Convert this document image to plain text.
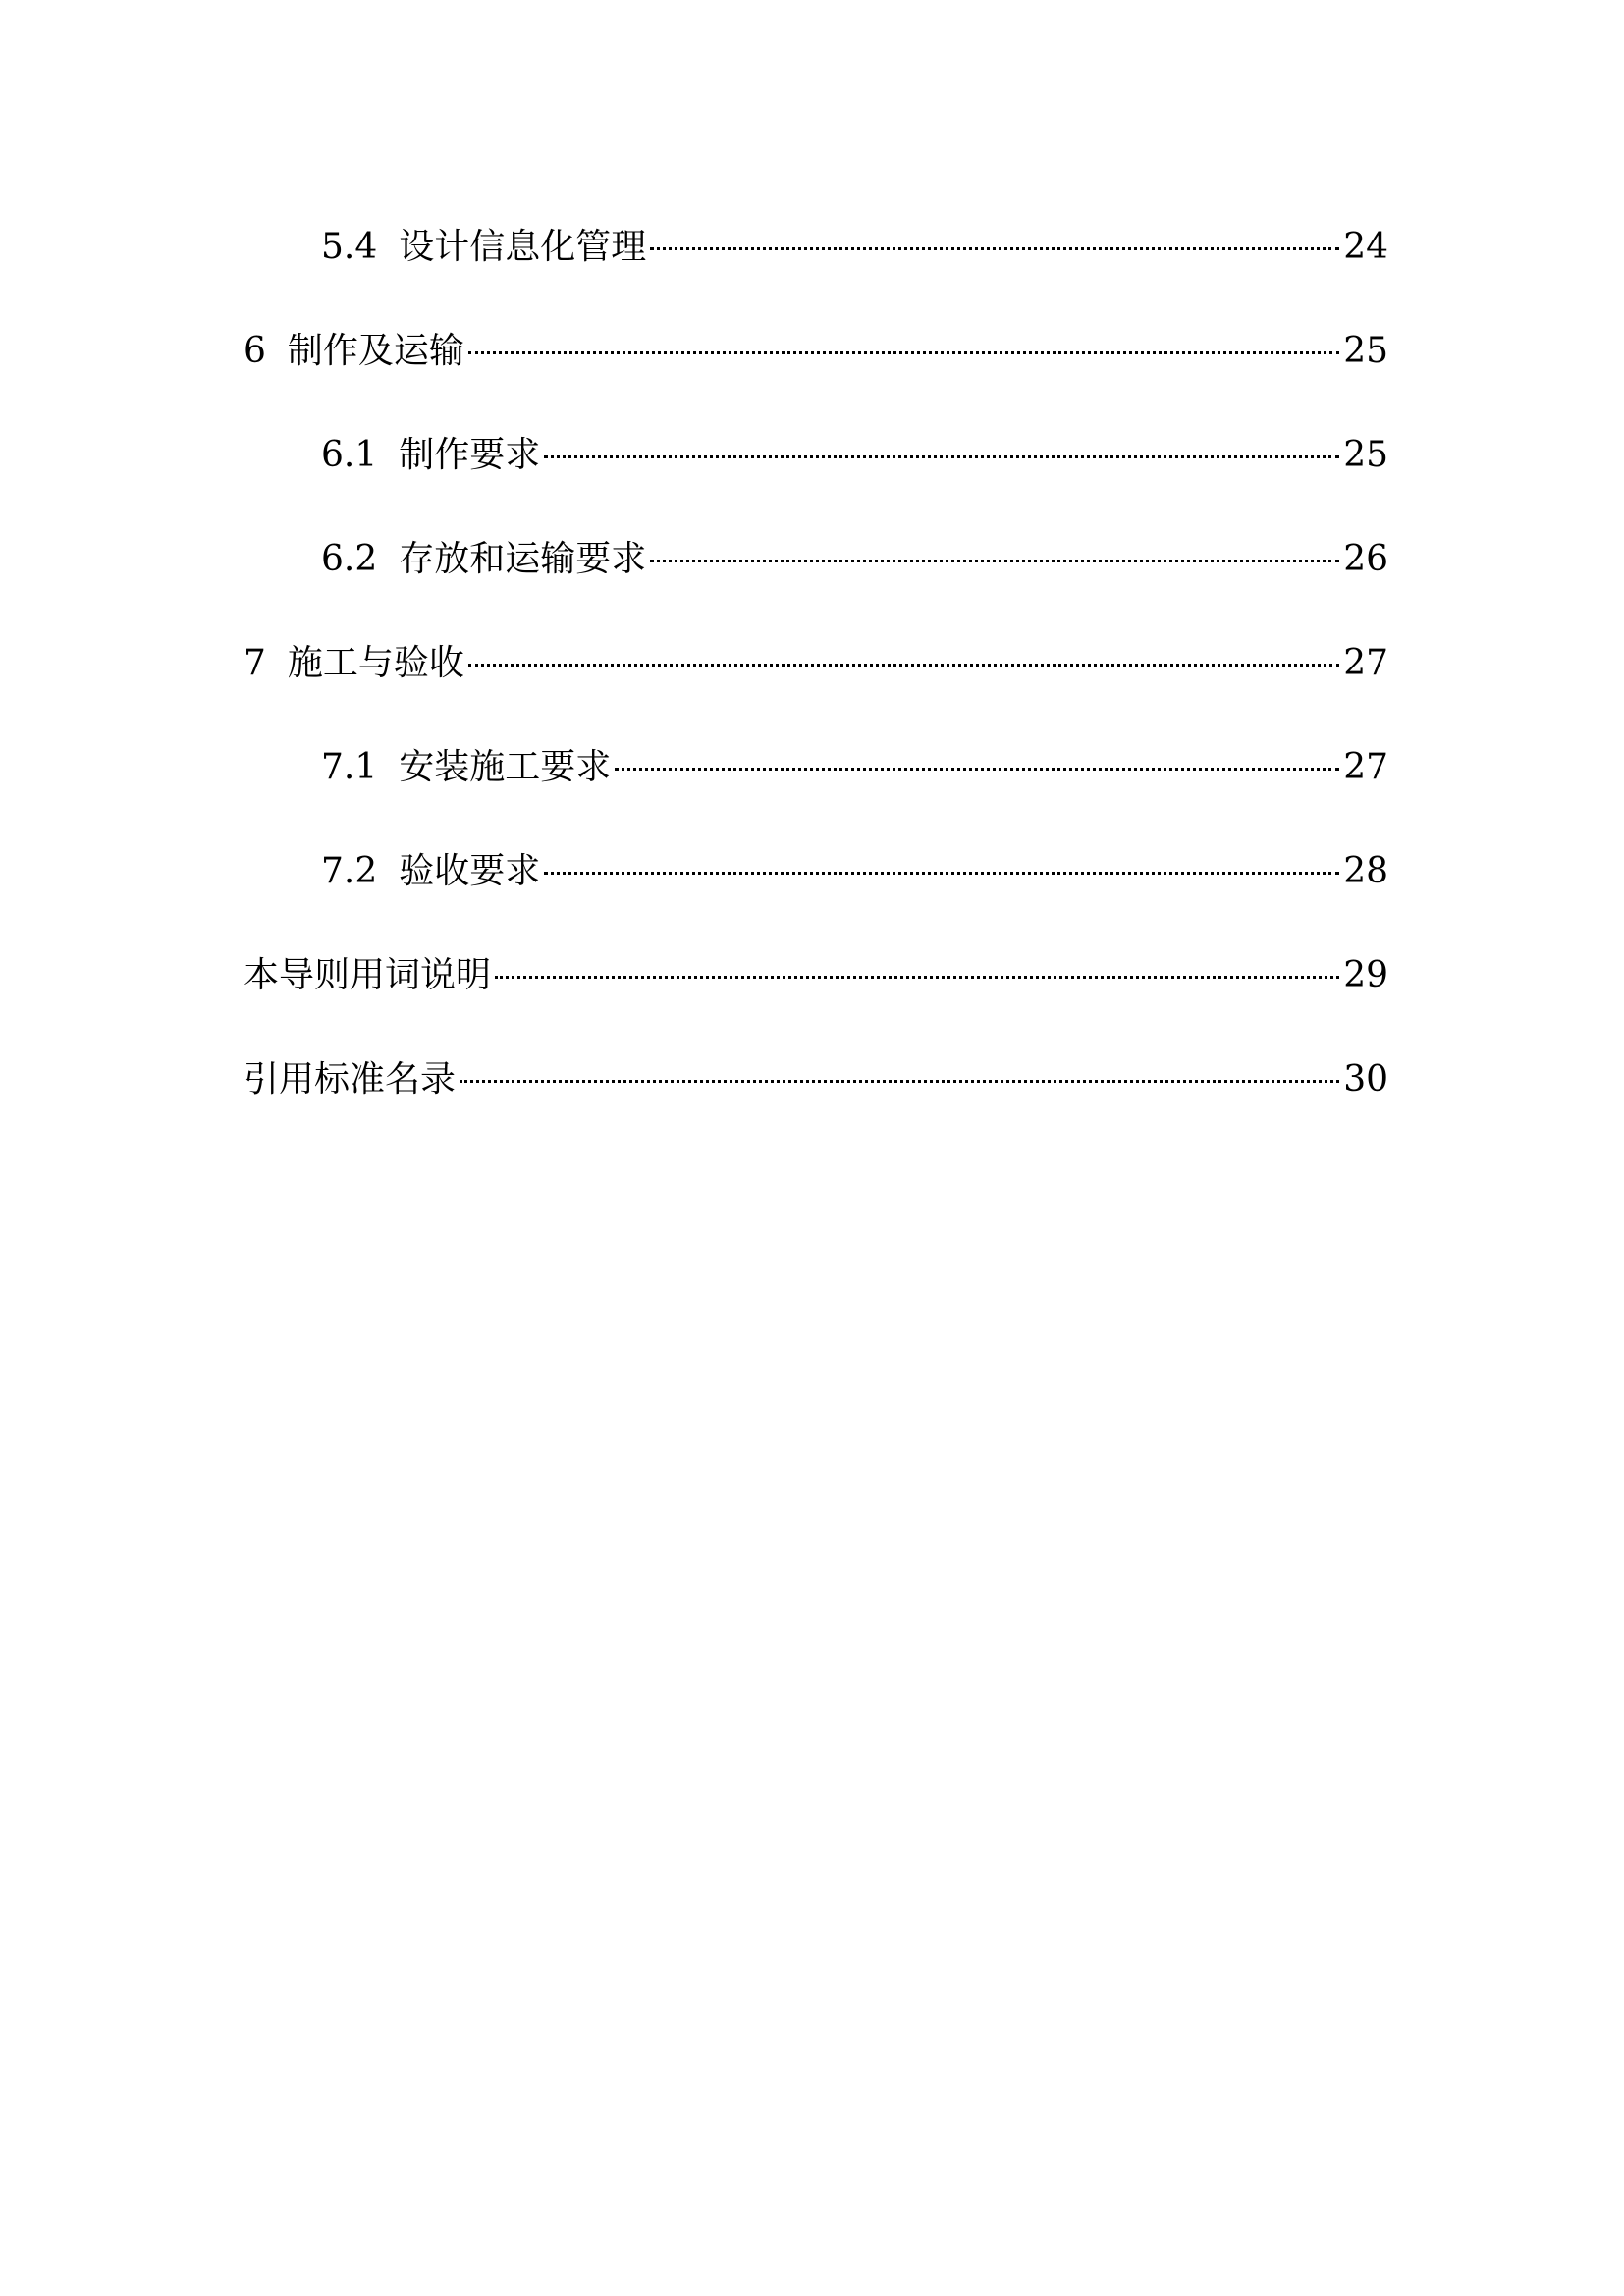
5.4 设计信息化管理	24
6 制作及运输	25
6.1 制作要求	25
6.2 存放和运输要求	26
7 施工与验收	27
7.1 安装施工要求	27
7.2 验收要求	28
本导则用词说明	29
引用标准名录	30
